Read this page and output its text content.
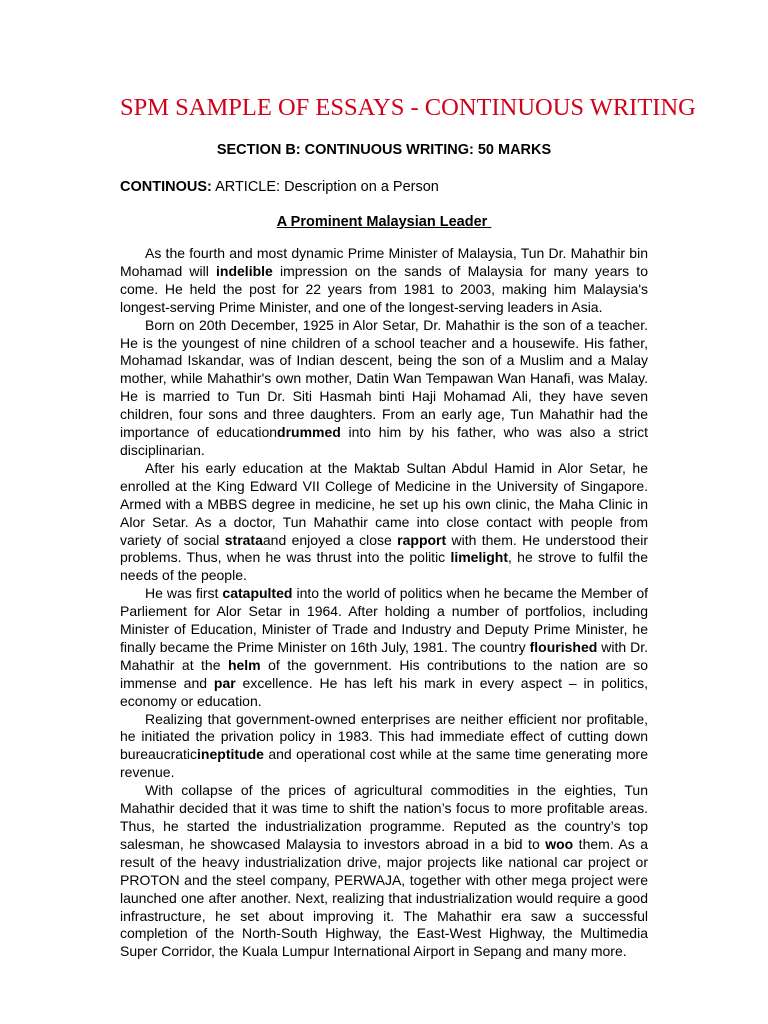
SPM SAMPLE OF ESSAYS - CONTINUOUS WRITING
SECTION B: CONTINUOUS WRITING: 50 MARKS

CONTINOUS: ARTICLE: Description on a Person

A Prominent Malaysian Leader

As the fourth and most dynamic Prime Minister of Malaysia, Tun Dr. Mahathir bin Mohamad will indelible impression on the sands of Malaysia for many years to come. He held the post for 22 years from 1981 to 2003, making him Malaysia's longest-serving Prime Minister, and one of the longest-serving leaders in Asia.

Born on 20th December, 1925 in Alor Setar, Dr. Mahathir is the son of a teacher. He is the youngest of nine children of a school teacher and a housewife. His father, Mohamad Iskandar, was of Indian descent, being the son of a Muslim and a Malay mother, while Mahathir's own mother, Datin Wan Tempawan Wan Hanafi, was Malay. He is married to Tun Dr. Siti Hasmah binti Haji Mohamad Ali, they have seven children, four sons and three daughters. From an early age, Tun Mahathir had the importance of educationdrummed into him by his father, who was also a strict disciplinarian.

After his early education at the Maktab Sultan Abdul Hamid in Alor Setar, he enrolled at the King Edward VII College of Medicine in the University of Singapore. Armed with a MBBS degree in medicine, he set up his own clinic, the Maha Clinic in Alor Setar. As a doctor, Tun Mahathir came into close contact with people from variety of social strataand enjoyed a close rapport with them. He understood their problems. Thus, when he was thrust into the politic limelight, he strove to fulfil the needs of the people.

He was first catapulted into the world of politics when he became the Member of Parliement for Alor Setar in 1964. After holding a number of portfolios, including Minister of Education, Minister of Trade and Industry and Deputy Prime Minister, he finally became the Prime Minister on 16th July, 1981. The country flourished with Dr. Mahathir at the helm of the government. His contributions to the nation are so immense and par excellence. He has left his mark in every aspect – in politics, economy or education.

Realizing that government-owned enterprises are neither efficient nor profitable, he initiated the privation policy in 1983. This had immediate effect of cutting down bureaucraticineptitude and operational cost while at the same time generating more revenue.

With collapse of the prices of agricultural commodities in the eighties, Tun Mahathir decided that it was time to shift the nation’s focus to more profitable areas. Thus, he started the industrialization programme. Reputed as the country’s top salesman, he showcased Malaysia to investors abroad in a bid to woo them. As a result of the heavy industrialization drive, major projects like national car project or PROTON and the steel company, PERWAJA, together with other mega project were launched one after another. Next, realizing that industrialization would require a good infrastructure, he set about improving it. The Mahathir era saw a successful completion of the North-South Highway, the East-West Highway, the Multimedia Super Corridor, the Kuala Lumpur International Airport in Sepang and many more.
